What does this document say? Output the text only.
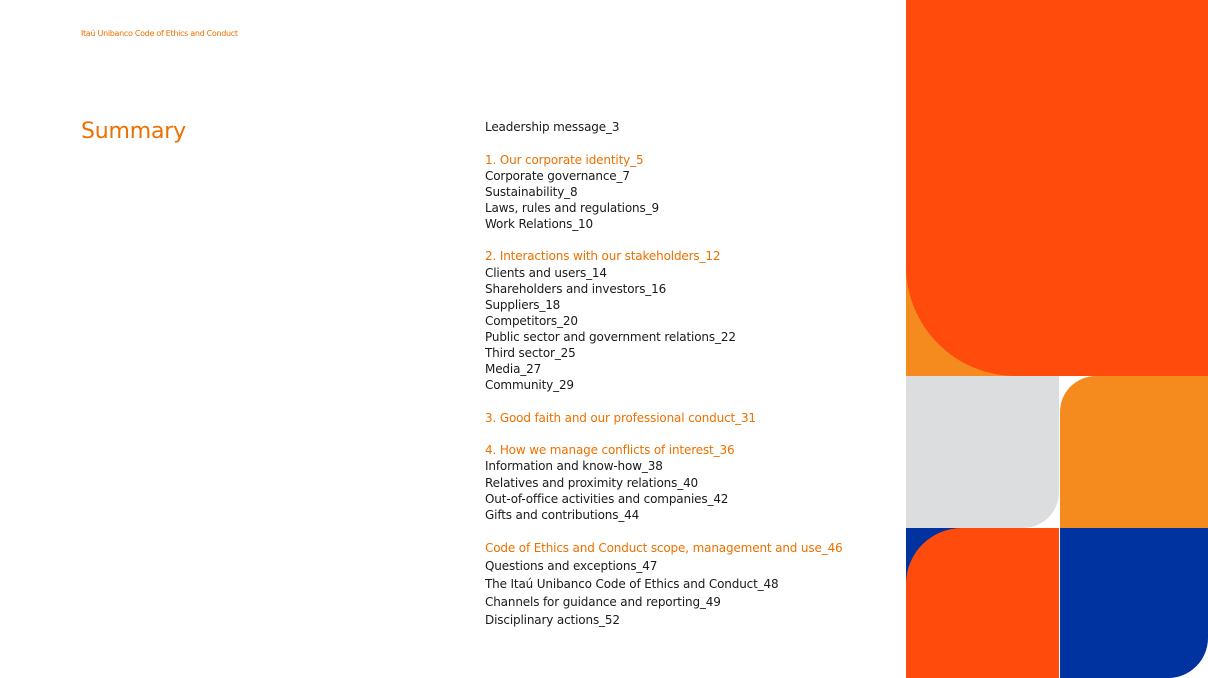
Itaú Unibanco Code of Ethics and Conduct
Summary	Leadership message_3
1. Our corporate identity_5
Corporate governance_7
Sustainability_8
Laws, rules and regulations_9
Work Relations_10
2. Interactions with our stakeholders_12
Clients and users_14
Shareholders and investors_16
Suppliers_18
Competitors_20
Public sector and government relations_22
Third sector_25
Media_27
Community_29
3. Good faith and our professional conduct_31
4. How we manage conflicts of interest_36
Information and know-how_38
Relatives and proximity relations_40
Out-of-office activities and companies_42
Gifts and contributions_44
Code of Ethics and Conduct scope, management and use_46
Questions and exceptions_47
The Itaú Unibanco Code of Ethics and Conduct_48
Channels for guidance and reporting_49
Disciplinary actions_52
